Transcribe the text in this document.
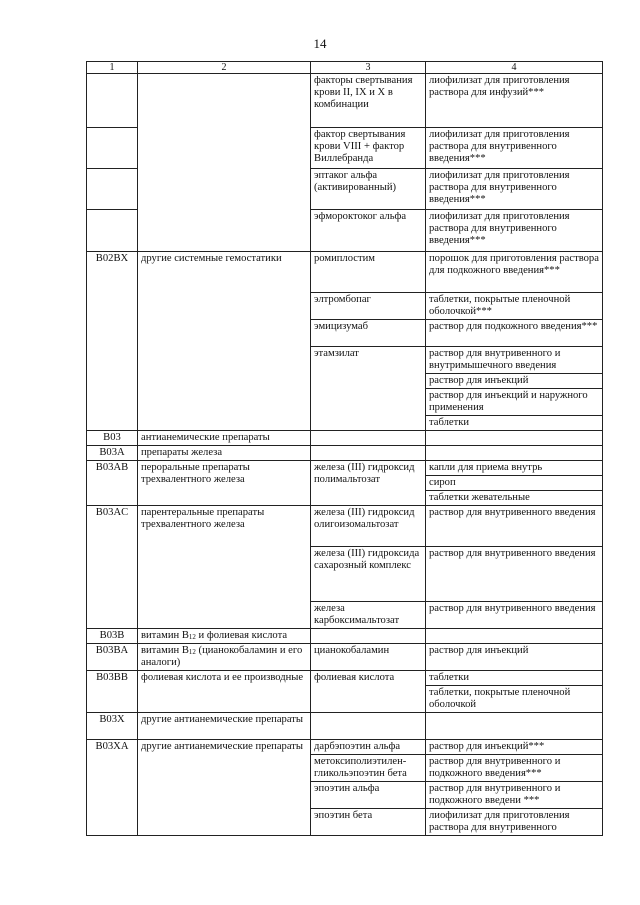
14
1	2	3	4
		факторы свертывания крови II, IX и X в комбинации	лиофилизат для приготовления раствора для инфузий***
		фактор свертывания крови VIII + фактор Виллебранда	лиофилизат для приготовления раствора для внутривенного введения***
		эптаког альфа (активированный)	лиофилизат для приготовления раствора для внутривенного введения***
		эфмороктоког альфа	лиофилизат для приготовления раствора для внутривенного введения***
B02BX	другие системные гемостатики	ромиплостим	порошок для приготовления раствора для подкожного введения***
		элтромбопаг	таблетки, покрытые пленочной оболочкой***
		эмицизумаб	раствор для подкожного введения***
		этамзилат	раствор для внутривенного и внутримышечного введения
			раствор для инъекций
			раствор для инъекций и наружного применения
			таблетки
B03	антианемические препараты		
B03A	препараты железа		
B03AB	пероральные препараты трехвалентного железа	железа (III) гидроксид полимальтозат	капли для приема внутрь
			сироп
			таблетки жевательные
B03AC	парентеральные препараты трехвалентного железа	железа (III) гидроксид олигоизомальтозат	раствор для внутривенного введения
		железа (III) гидроксида сахарозный комплекс	раствор для внутривенного введения
		железа карбоксимальтозат	раствор для внутривенного введения
B03B	витамин $B_{12}$ и фолиевая кислота		
B03BA	витамин $B_{12}$ (цианокобаламин и его аналоги)	цианокобаламин	раствор для инъекций
B03BB	фолиевая кислота и ее производные	фолиевая кислота	таблетки
			таблетки, покрытые пленочной оболочкой
B03X	другие антианемические препараты		
B03XA	другие антианемические препараты	дарбэпоэтин альфа	раствор для инъекций***
		метоксиполиэтиленгликольэпоэтин бета	раствор для внутривенного и подкожного введения***
		эпоэтин альфа	раствор для внутривенного и подкожного введени ***
		эпоэтин бета	лиофилизат для приготовления раствора для внутривенного
